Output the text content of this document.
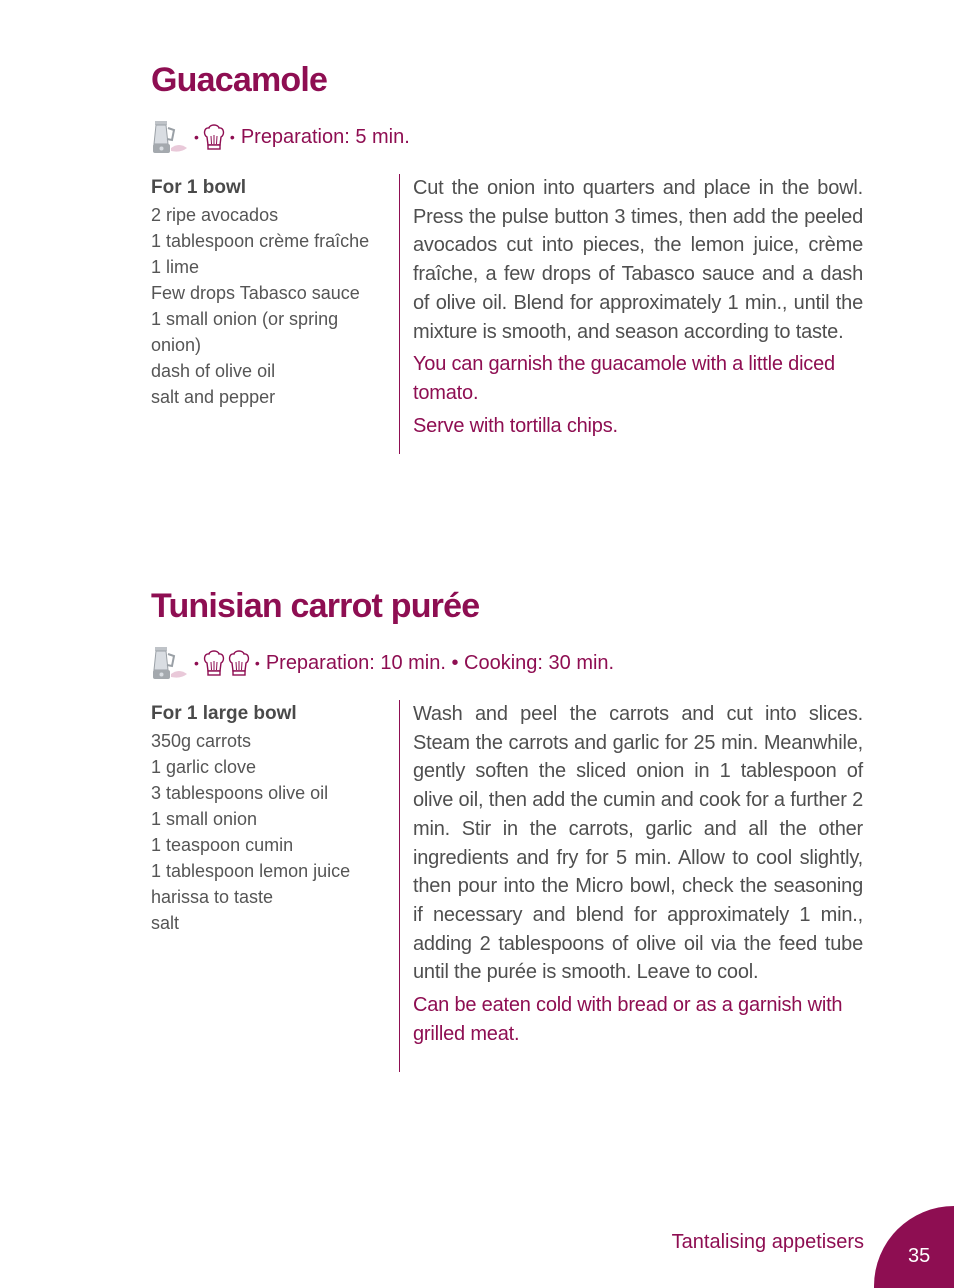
Guacamole
• • Preparation: 5 min.
For 1 bowl
2 ripe avocados
1 tablespoon crème fraîche
1 lime
Few drops Tabasco sauce
1 small onion (or spring onion)
dash of olive oil
salt and pepper

Cut the onion into quarters and place in the bowl. Press the pulse button 3 times, then add the peeled avocados cut into pieces, the lemon juice, crème fraîche, a few drops of Tabasco sauce and a dash of olive oil. Blend for approximately 1 min., until the mixture is smooth, and season according to taste.

You can garnish the guacamole with a little diced tomato.

Serve with tortilla chips.

Tunisian carrot purée
•	• Preparation: 10 min. • Cooking: 30 min.
For 1 large bowl
350g carrots
1 garlic clove
3 tablespoons olive oil
1 small onion
1 teaspoon cumin
1 tablespoon lemon juice
harissa to taste
salt

Wash and peel the carrots and cut into slices. Steam the carrots and garlic for 25 min. Meanwhile, gently soften the sliced onion in 1 tablespoon of olive oil, then add the cumin and cook for a further 2 min. Stir in the carrots, garlic and all the other ingredients and fry for 5 min. Allow to cool slightly, then pour into the Micro bowl, check the seasoning if necessary and blend for approximately 1 min., adding 2 tablespoons of olive oil via the feed tube until the purée is smooth. Leave to cool.

Can be eaten cold with bread or as a garnish with grilled meat.

Tantalising appetisers
35
